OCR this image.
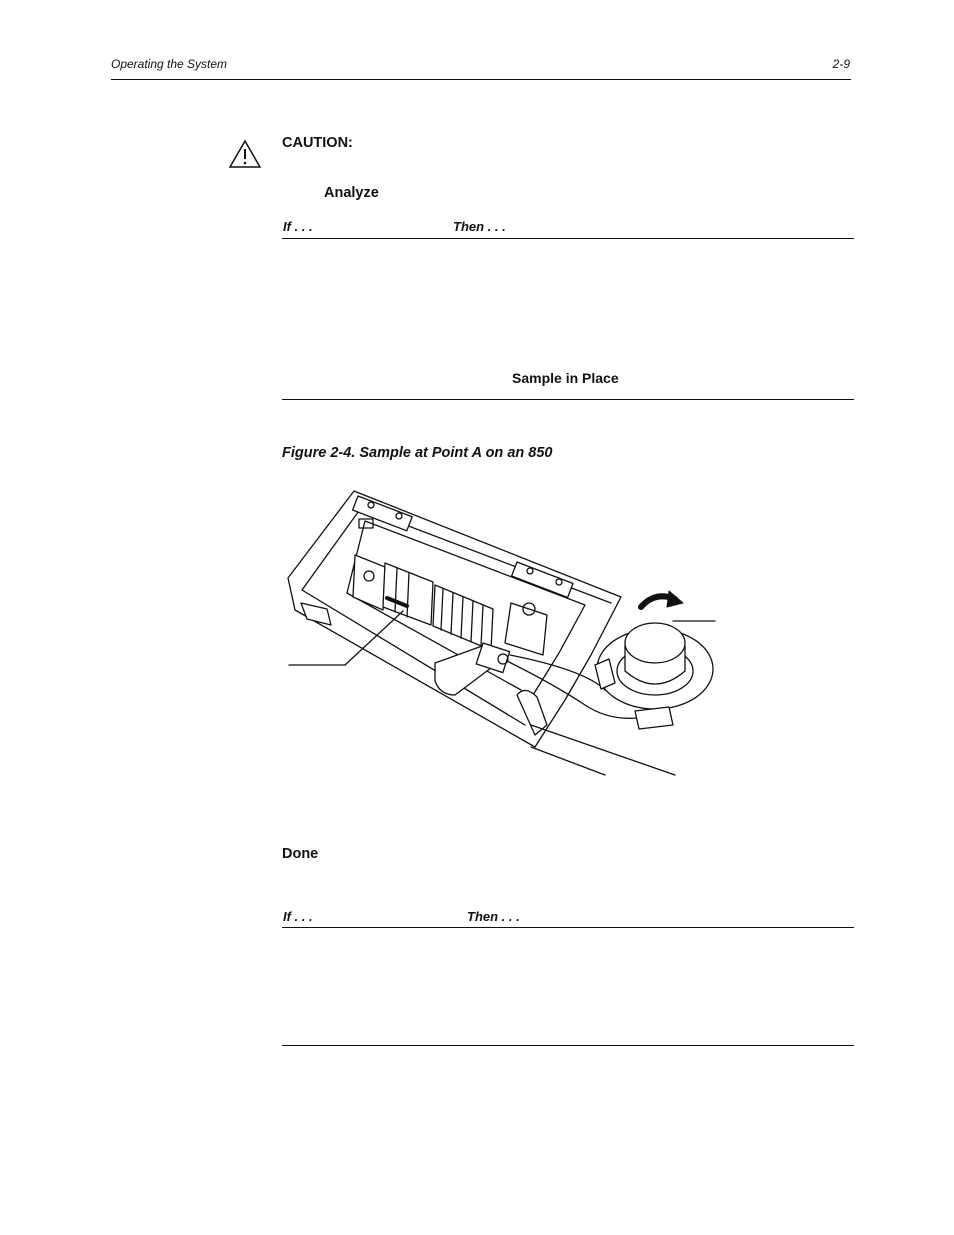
Operating the System	2-9
CAUTION:
Analyze
If . . .	Then . . .
Sample in Place
Figure 2-4. Sample at Point A on an 850
Done
If . . .	Then . . .
